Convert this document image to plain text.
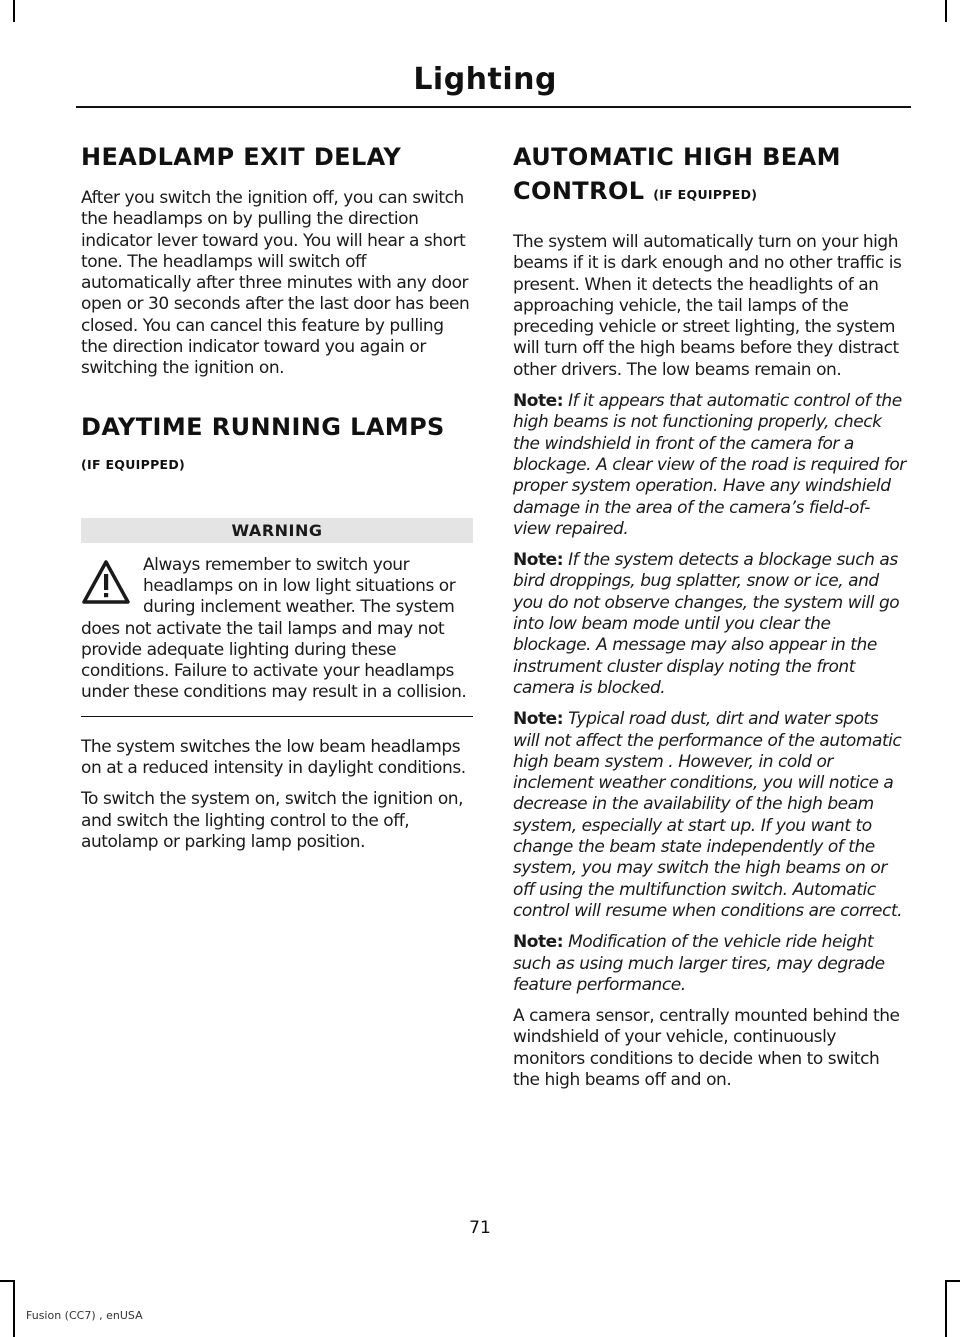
Lighting
HEADLAMP EXIT DELAY

After you switch the ignition off, you can switch the headlamps on by pulling the direction indicator lever toward you. You will hear a short tone. The headlamps will switch off automatically after three minutes with any door open or 30 seconds after the last door has been closed. You can cancel this feature by pulling the direction indicator toward you again or switching the ignition on.

DAYTIME RUNNING LAMPS (IF EQUIPPED)
WARNING

Always remember to switch your headlamps on in low light situations or during inclement weather. The system does not activate the tail lamps and may not provide adequate lighting during these conditions. Failure to activate your headlamps under these conditions may result in a collision.

The system switches the low beam headlamps on at a reduced intensity in daylight conditions.

To switch the system on, switch the ignition on, and switch the lighting control to the off, autolamp or parking lamp position.

AUTOMATIC HIGH BEAM CONTROL (IF EQUIPPED)

The system will automatically turn on your high beams if it is dark enough and no other traffic is present. When it detects the headlights of an approaching vehicle, the tail lamps of the preceding vehicle or street lighting, the system will turn off the high beams before they distract other drivers. The low beams remain on.

Note: If it appears that automatic control of the high beams is not functioning properly, check the windshield in front of the camera for a blockage. A clear view of the road is required for proper system operation. Have any windshield damage in the area of the camera’s field-of-view repaired.

Note: If the system detects a blockage such as bird droppings, bug splatter, snow or ice, and you do not observe changes, the system will go into low beam mode until you clear the blockage. A message may also appear in the instrument cluster display noting the front camera is blocked.

Note: Typical road dust, dirt and water spots will not affect the performance of the automatic high beam system . However, in cold or inclement weather conditions, you will notice a decrease in the availability of the high beam system, especially at start up. If you want to change the beam state independently of the system, you may switch the high beams on or off using the multifunction switch. Automatic control will resume when conditions are correct.

Note: Modification of the vehicle ride height such as using much larger tires, may degrade feature performance.

A camera sensor, centrally mounted behind the windshield of your vehicle, continuously monitors conditions to decide when to switch the high beams off and on.

71
Fusion (CC7) , enUSA
